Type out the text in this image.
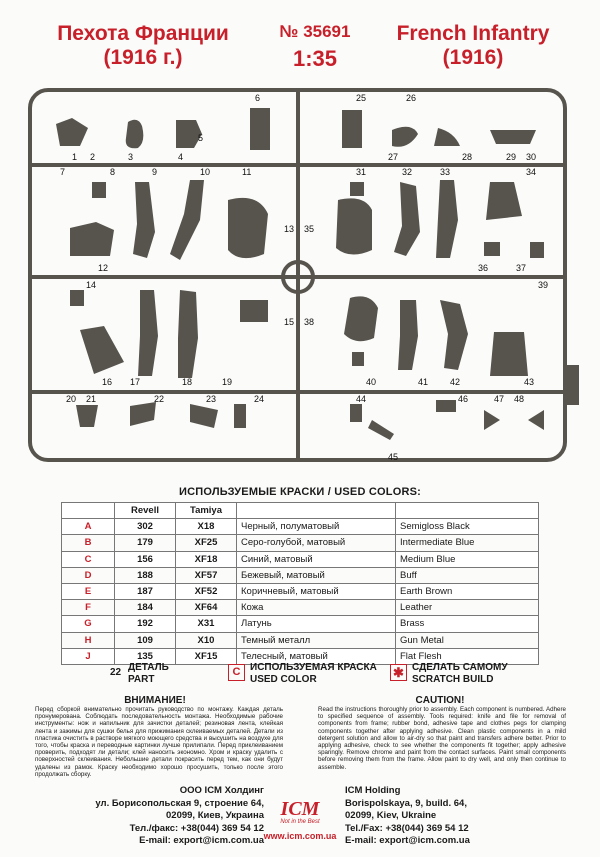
Пехота Франции
(1916 г.)
№ 35691
1:35
French Infantry
(1916)
1 2	3	4
5
6
7	8	9	10	11
12
13
14
15
16 17	18	19
20 21	22	23	24
25	26
27	28	29 30
31	32	33	34
35
36	37
38
39
40	41 42	43
44
45
46	47 48
ИСПОЛЬЗУЕМЫЕ КРАСКИ / USED COLORS:
	Revell	Tamiya		
A	302	X18	Черный, полуматовый	Semigloss Black
B	179	XF25	Серо-голубой, матовый	Intermediate Blue
C	156	XF18	Синий, матовый	Medium Blue
D	188	XF57	Бежевый, матовый	Buff
E	187	XF52	Коричневый, матовый	Earth Brown
F	184	XF64	Кожа	Leather
G	192	X31	Латунь	Brass
H	109	X10	Темный металл	Gun Metal
J	135	XF15	Телесный, матовый	Flat Flesh
22 ДЕТАЛЬ
PART
C ИСПОЛЬЗУЕМАЯ КРАСКА
USED COLOR	✱ СДЕЛАТЬ САМОМУ
SCRATCH BUILD
ВНИМАНИЕ!	CAUTION!
Перед сборкой внимательно прочитать руководство по монтажу. Каждая деталь пронумерована. Соблюдать последовательность монтажа. Необходимые рабочие инструменты: нож и напильник для зачистки деталей; резиновая лента, клейкая лента и зажимы для сушки белья для прижимания склеиваемых деталей. Детали из пластика очистить в растворе мягкого моющего средства и высушить на воздухе для того, чтобы краска и переводные картинки лучше прилипали. Перед приклеиванием проверить, подходят ли детали; клей наносить экономно. Хром и краску удалить с поверхностей склеивания. Небольшие детали покрасить перед тем, как они будут удалены из рамок. Краску необходимо хорошо просушить, только после этого продолжать сборку.
Read the instructions thoroughly prior to assembly. Each component is numbered. Adhere to specified sequence of assembly. Tools required: knife and file for removal of components from frame; rubber bond, adhesive tape and clothes pegs for clamping components together after applying adhesive. Clean plastic components in a mild detergent solution and allow to air-dry so that paint and transfers adhere better. Prior to applying adhesive, check to see whether the components fit together; apply adhesive sparingly. Remove chrome and paint from the contact surfaces. Paint small components before removing them from the frame. Allow paint to dry well, and only then continue to assemble.
ООО ICM Холдинг
ул. Борисопольская 9, строение 64,
02099, Киев, Украина
Тел./факс: +38(044) 369 54 12
E-mail: export@icm.com.ua
ICM
Not in the Best
www.icm.com.ua
ICM Holding
Borispolskaya, 9, build. 64,
02099, Kiev, Ukraine
Tel./Fax: +38(044) 369 54 12
E-mail: export@icm.com.ua
